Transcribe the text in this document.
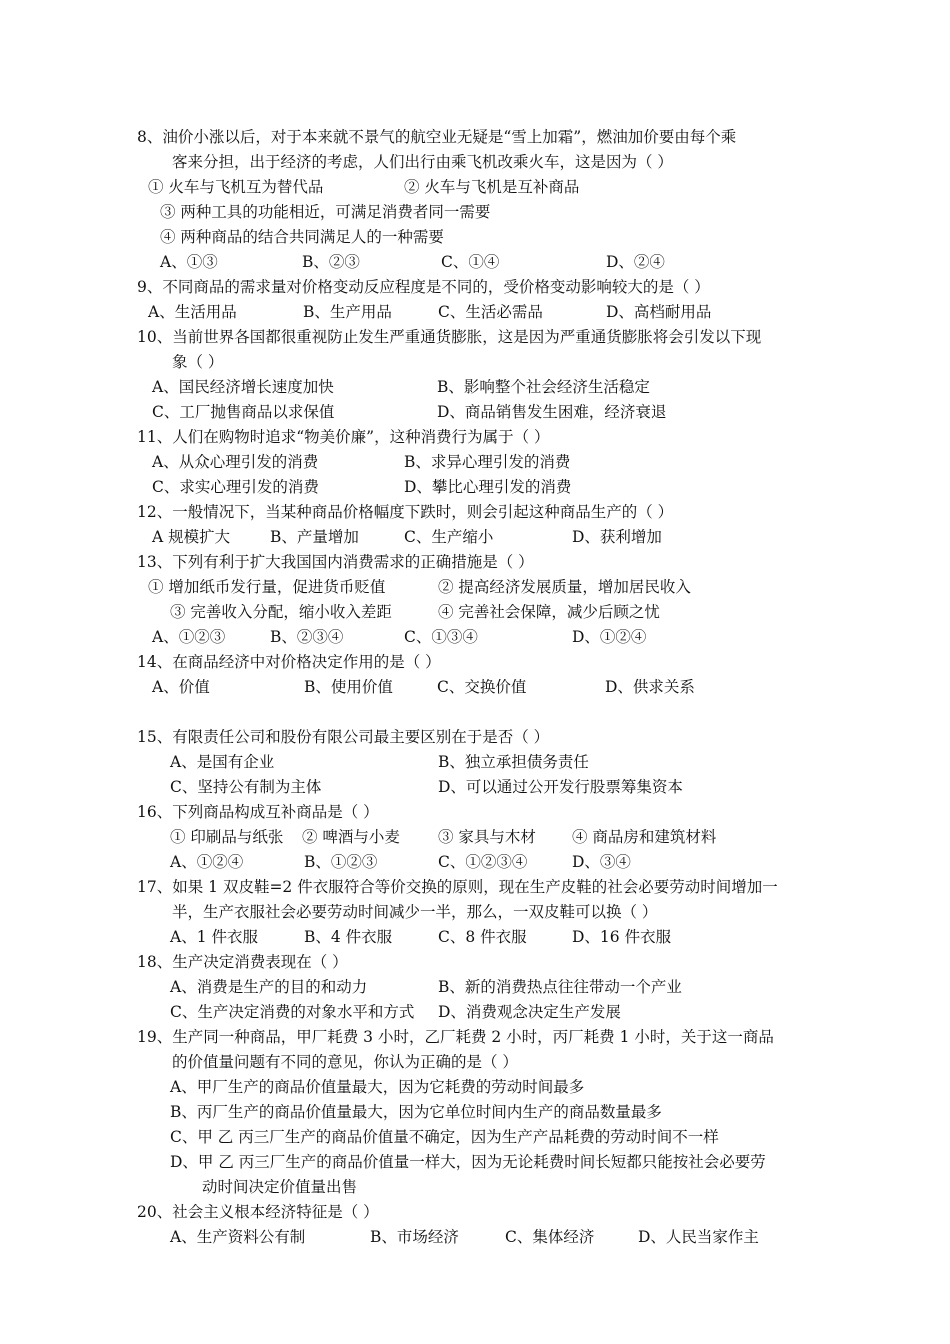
8、油价小涨以后，对于本来就不景气的航空业无疑是“雪上加霜”，燃油加价要由每个乘
客来分担，出于经济的考虑，人们出行由乘飞机改乘火车，这是因为（ ）
① 火车与飞机互为替代品	② 火车与飞机是互补商品
③ 两种工具的功能相近，可满足消费者同一需要
④ 两种商品的结合共同满足人的一种需要
A、①③	B、②③	C、①④	D、②④
9、不同商品的需求量对价格变动反应程度是不同的，受价格变动影响较大的是（ ）
A、生活用品	B、生产用品	C、生活必需品	D、高档耐用品
10、当前世界各国都很重视防止发生严重通货膨胀，这是因为严重通货膨胀将会引发以下现
象（ ）
A、国民经济增长速度加快	B、影响整个社会经济生活稳定
C、工厂抛售商品以求保值	D、商品销售发生困难，经济衰退
11、人们在购物时追求“物美价廉”，这种消费行为属于（ ）
A、从众心理引发的消费	B、求异心理引发的消费
C、求实心理引发的消费	D、攀比心理引发的消费
12、一般情况下，当某种商品价格幅度下跌时，则会引起这种商品生产的（ ）
A 规模扩大	B、产量增加	C、生产缩小	D、获利增加
13、下列有利于扩大我国国内消费需求的正确措施是（ ）
① 增加纸币发行量，促进货币贬值	② 提高经济发展质量，增加居民收入
③ 完善收入分配，缩小收入差距	④ 完善社会保障，减少后顾之忧
A、①②③	B、②③④	C、①③④	D、①②④
14、在商品经济中对价格决定作用的是（ ）
A、价值	B、使用价值	C、交换价值	D、供求关系
15、有限责任公司和股份有限公司最主要区别在于是否（ ）
A、是国有企业	B、独立承担债务责任
C、坚持公有制为主体	D、可以通过公开发行股票筹集资本
16、下列商品构成互补商品是（ ）
① 印刷品与纸张 ② 啤酒与小麦 ③ 家具与木材 ④ 商品房和建筑材料
A、①②④	B、①②③	C、①②③④	D、③④
17、如果 1 双皮鞋=2 件衣服符合等价交换的原则，现在生产皮鞋的社会必要劳动时间增加一
半，生产衣服社会必要劳动时间减少一半，那么，一双皮鞋可以换（ ）
A、1 件衣服	B、4 件衣服	C、8 件衣服	D、16 件衣服
18、生产决定消费表现在（ ）
A、消费是生产的目的和动力	B、新的消费热点往往带动一个产业
C、生产决定消费的对象水平和方式 D、消费观念决定生产发展
19、生产同一种商品，甲厂耗费 3 小时，乙厂耗费 2 小时，丙厂耗费 1 小时，关于这一商品
的价值量问题有不同的意见，你认为正确的是（ ）
A、甲厂生产的商品价值量最大，因为它耗费的劳动时间最多
B、丙厂生产的商品价值量最大，因为它单位时间内生产的商品数量最多
C、甲 乙 丙三厂生产的商品价值量不确定，因为生产产品耗费的劳动时间不一样
D、甲 乙 丙三厂生产的商品价值量一样大，因为无论耗费时间长短都只能按社会必要劳
动时间决定价值量出售
20、社会主义根本经济特征是（ ）
A、生产资料公有制	B、市场经济	C、集体经济	D、人民当家作主
